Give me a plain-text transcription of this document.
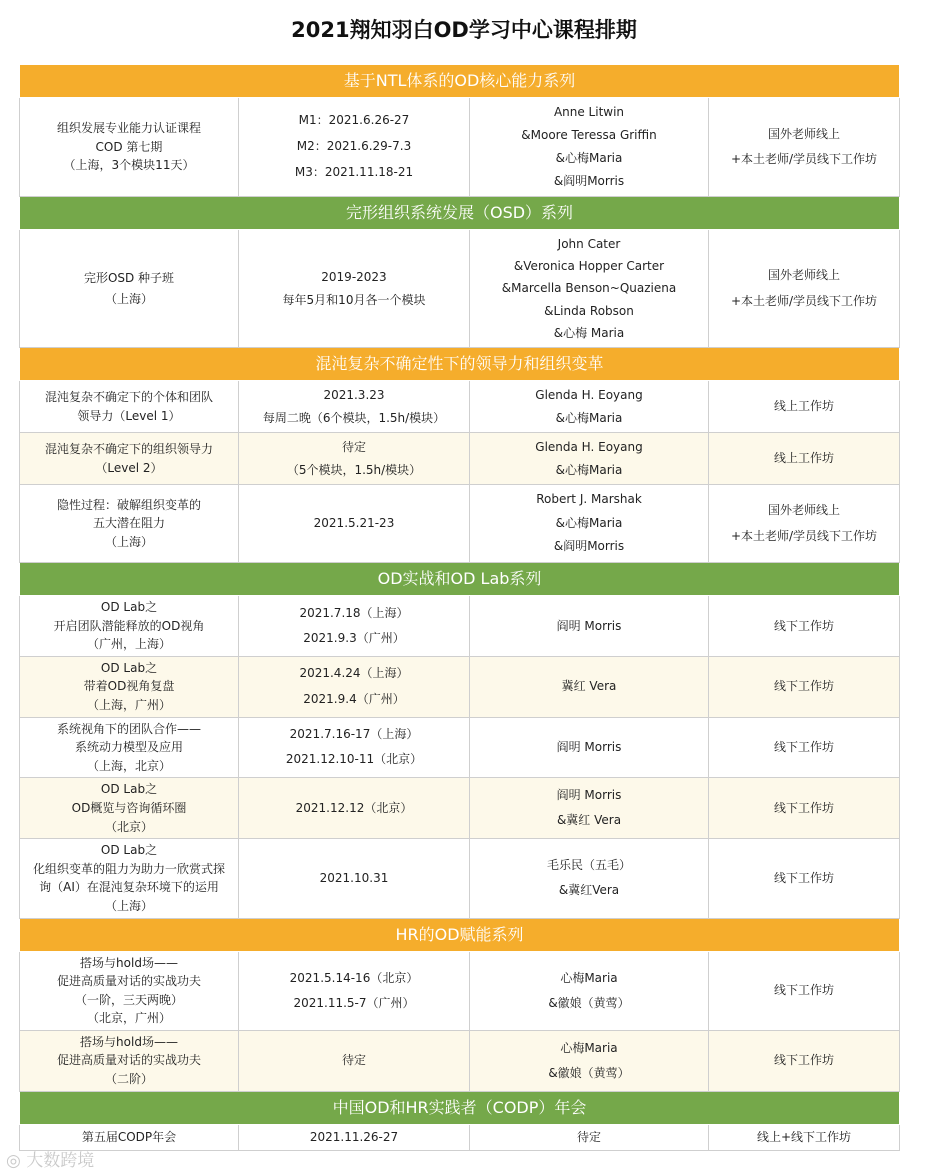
2021翔知羽白OD学习中心课程排期
基于NTL体系的OD核心能力系列			
组织发展专业能力认证课程
COD 第七期
（上海，3个模块11天）	M1：2021.6.26-27
M2：2021.6.29-7.3
M3：2021.11.18-21	Anne Litwin
&Moore Teressa Griffin
&心梅Maria
&阎明Morris	国外老师线上
+本土老师/学员线下工作坊
完形组织系统发展（OSD）系列			
完形OSD 种子班
（上海）	2019-2023
每年5月和10月各一个模块	John Cater
&Veronica Hopper Carter
&Marcella Benson~Quaziena
&Linda Robson
&心梅 Maria	国外老师线上
+本土老师/学员线下工作坊
混沌复杂不确定性下的领导力和组织变革			
混沌复杂不确定下的个体和团队
领导力（Level 1）	2021.3.23
每周二晚（6个模块，1.5h/模块）	Glenda H. Eoyang
&心梅Maria	线上工作坊
混沌复杂不确定下的组织领导力
（Level 2）	待定
（5个模块，1.5h/模块）	Glenda H. Eoyang
&心梅Maria	线上工作坊
隐性过程：破解组织变革的
五大潜在阻力
（上海）	2021.5.21-23	Robert J. Marshak
&心梅Maria
&阎明Morris	国外老师线上
+本土老师/学员线下工作坊
OD实战和OD Lab系列			
OD Lab之
开启团队潜能释放的OD视角
（广州，上海）	2021.7.18（上海）
2021.9.3（广州）	阎明 Morris	线下工作坊
OD Lab之
带着OD视角复盘
（上海，广州）	2021.4.24（上海）
2021.9.4（广州）	冀红 Vera	线下工作坊
系统视角下的团队合作——
系统动力模型及应用
（上海，北京）	2021.7.16-17（上海）
2021.12.10-11（北京）	阎明 Morris	线下工作坊
OD Lab之
OD概览与咨询循环圈
（北京）	2021.12.12（北京）	阎明 Morris
&冀红 Vera	线下工作坊
OD Lab之
化组织变革的阻力为助力一欣赏式探
询（AI）在混沌复杂环境下的运用
（上海）	2021.10.31	毛乐民（五毛）
&冀红Vera	线下工作坊
HR的OD赋能系列			
搭场与hold场——
促进高质量对话的实战功夫
（一阶，三天两晚）
（北京，广州）	2021.5.14-16（北京）
2021.11.5-7（广州）	心梅Maria
&徽娘（黄莺）	线下工作坊
搭场与hold场——
促进高质量对话的实战功夫
（二阶）	待定	心梅Maria
&徽娘（黄莺）	线下工作坊
中国OD和HR实践者（CODP）年会			
第五届CODP年会	2021.11.26-27	待定	线上+线下工作坊
◎ 大数跨境
